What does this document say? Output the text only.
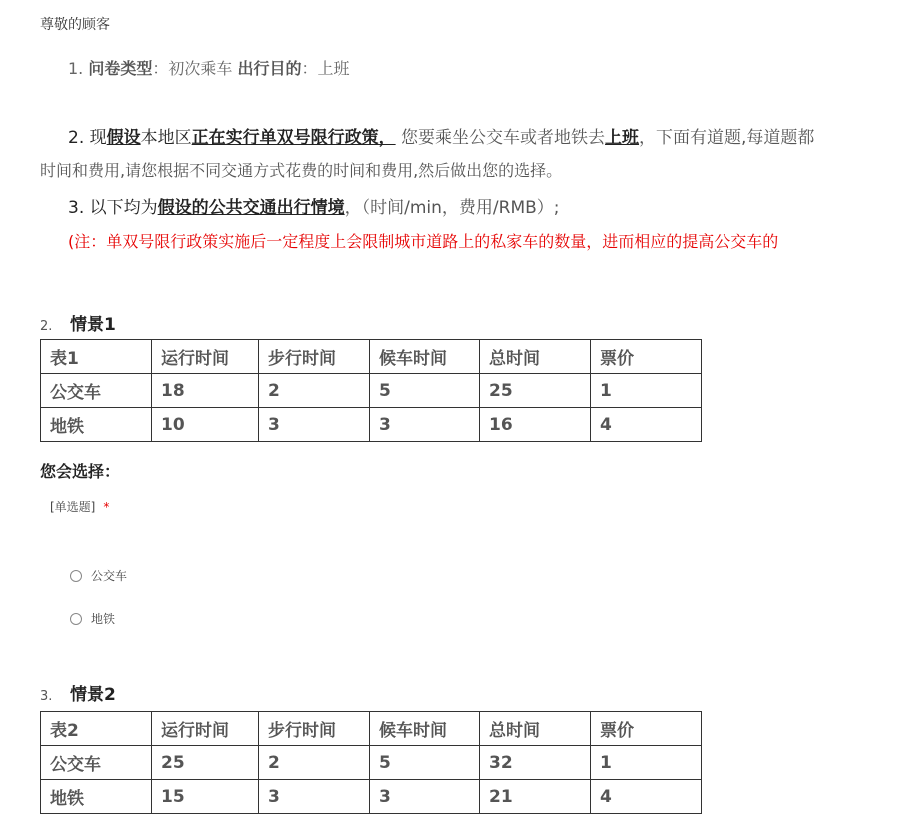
尊敬的顾客
1. 问卷类型：初次乘车 出行目的：上班
2. 现假设本地区正在实行单双号限行政策， 您要乘坐公交车或者地铁去上班，下面有道题,每道题都
时间和费用,请您根据不同交通方式花费的时间和费用,然后做出您的选择。
3. 以下均为假设的公共交通出行情境，（时间/min，费用/RMB）;
(注：单双号限行政策实施后一定程度上会限制城市道路上的私家车的数量，进而相应的提高公交车的
2. 情景1
表1	运行时间	步行时间	候车时间	总时间	票价
公交车	18	2	5	25	1
地铁	10	3	3	16	4
您会选择：
[单选题] *
公交车
地铁
3. 情景2
表2	运行时间	步行时间	候车时间	总时间	票价
公交车	25	2	5	32	1
地铁	15	3	3	21	4
